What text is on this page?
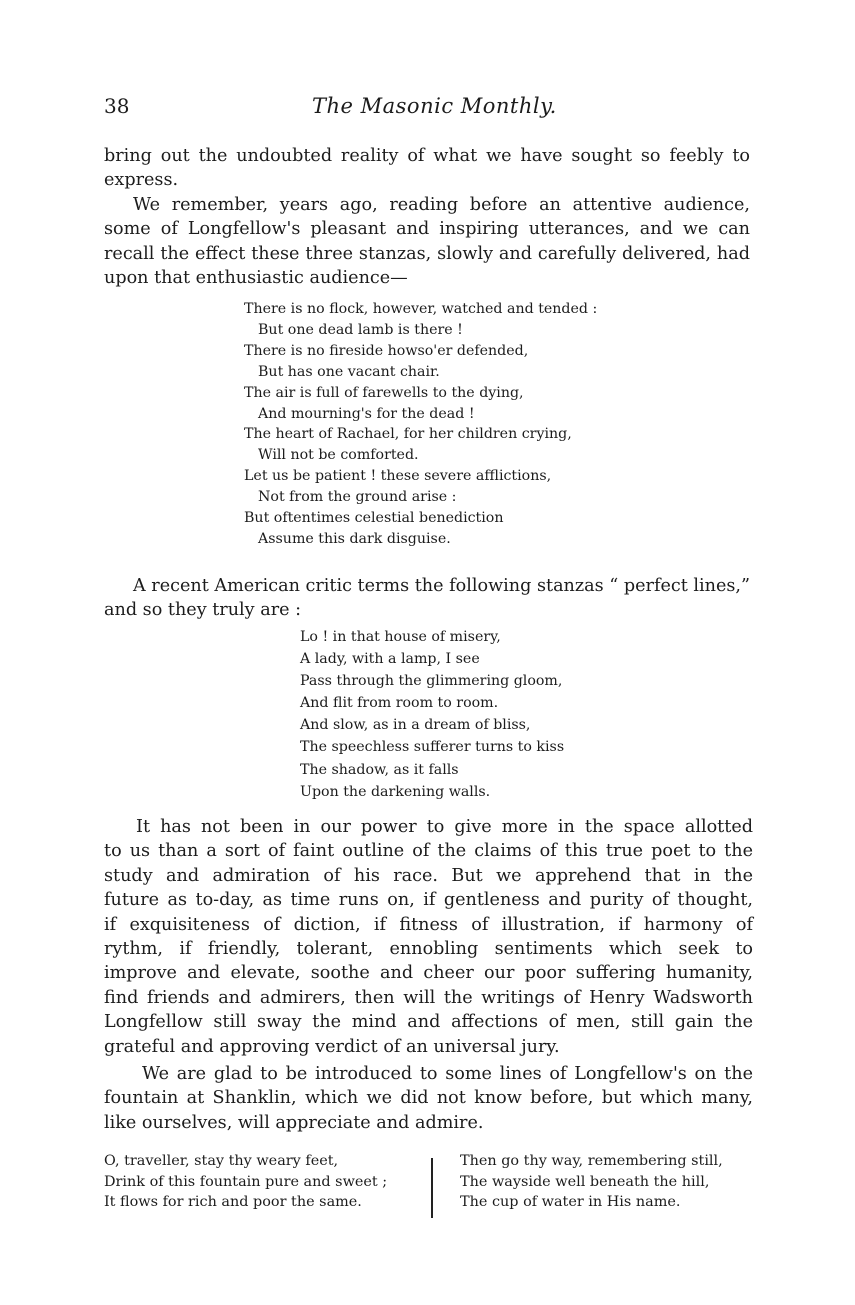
38	The Masonic Monthly.
bring out the undoubted reality of what we have sought so feebly to
express.
We remember, years ago, reading before an attentive audience,
some of Longfellow's pleasant and inspiring utterances, and we can
recall the effect these three stanzas, slowly and carefully delivered, had
upon that enthusiastic audience—
There is no flock, however, watched and tended :
But one dead lamb is there !
There is no fireside howso'er defended,
But has one vacant chair.
The air is full of farewells to the dying,
And mourning's for the dead !
The heart of Rachael, for her children crying,
Will not be comforted.
Let us be patient ! these severe afflictions,
Not from the ground arise :
But oftentimes celestial benediction
Assume this dark disguise.
A recent American critic terms the following stanzas “ perfect lines,”
and so they truly are :
Lo ! in that house of misery,
A lady, with a lamp, I see
Pass through the glimmering gloom,
And flit from room to room.
And slow, as in a dream of bliss,
The speechless sufferer turns to kiss
The shadow, as it falls
Upon the darkening walls.
It has not been in our power to give more in the space allotted
to us than a sort of faint outline of the claims of this true poet to the
study and admiration of his race. But we apprehend that in the
future as to-day, as time runs on, if gentleness and purity of thought,
if exquisiteness of diction, if fitness of illustration, if harmony of
rythm, if friendly, tolerant, ennobling sentiments which seek to
improve and elevate, soothe and cheer our poor suffering humanity,
find friends and admirers, then will the writings of Henry Wadsworth
Longfellow still sway the mind and affections of men, still gain the
grateful and approving verdict of an universal jury.
We are glad to be introduced to some lines of Longfellow's on the
fountain at Shanklin, which we did not know before, but which many,
like ourselves, will appreciate and admire.
O, traveller, stay thy weary feet,
Drink of this fountain pure and sweet ;
It flows for rich and poor the same.
Then go thy way, remembering still,
The wayside well beneath the hill,
The cup of water in His name.
